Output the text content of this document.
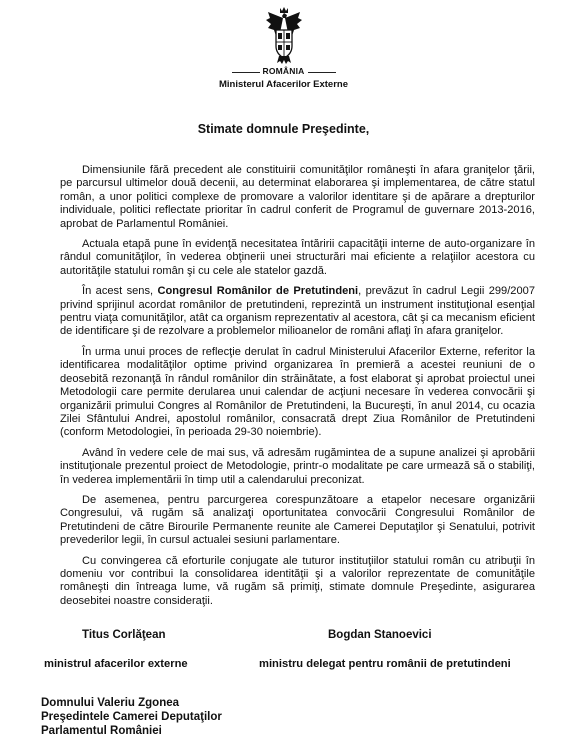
ROMÂNIA
Ministerul Afacerilor Externe
Stimate domnule Preşedinte,

Dimensiunile fără precedent ale constituirii comunităţilor româneşti în afara graniţelor ţării, pe parcursul ultimelor două decenii, au determinat elaborarea şi implementarea, de către statul român, a unor politici complexe de promovare a valorilor identitare şi de apărare a drepturilor individuale, politici reflectate prioritar în cadrul conferit de Programul de guvernare 2013-2016, aprobat de Parlamentul României.

Actuala etapă pune în evidenţă necesitatea întăririi capacităţii interne de auto-organizare în rândul comunităţilor, în vederea obţinerii unei structurări mai eficiente a relaţiilor acestora cu autorităţile statului român şi cu cele ale statelor gazdă.

În acest sens, Congresul Românilor de Pretutindeni, prevăzut în cadrul Legii 299/2007 privind sprijinul acordat românilor de pretutindeni, reprezintă un instrument instituţional esenţial pentru viaţa comunităţilor, atât ca organism reprezentativ al acestora, cât şi ca mecanism eficient de identificare şi de rezolvare a problemelor milioanelor de români aflaţi în afara graniţelor.

În urma unui proces de reflecţie derulat în cadrul Ministerului Afacerilor Externe, referitor la identificarea modalităţilor optime privind organizarea în premieră a acestei reuniuni de o deosebită rezonanţă în rândul românilor din străinătate, a fost elaborat şi aprobat proiectul unei Metodologii care permite derularea unui calendar de acţiuni necesare în vederea convocării şi organizării primului Congres al Românilor de Pretutindeni, la Bucureşti, în anul 2014, cu ocazia Zilei Sfântului Andrei, apostolul românilor, consacrată drept Ziua Românilor de Pretutindeni (conform Metodologiei, în perioada 29-30 noiembrie).

Având în vedere cele de mai sus, vă adresăm rugămintea de a supune analizei şi aprobării instituţionale prezentul proiect de Metodologie, printr-o modalitate pe care urmează să o stabiliţi, în vederea implementării în timp util a calendarului preconizat.

De asemenea, pentru parcurgerea corespunzătoare a etapelor necesare organizării Congresului, vă rugăm să analizaţi oportunitatea convocării Congresului Românilor de Pretutindeni de către Birourile Permanente reunite ale Camerei Deputaţilor şi Senatului, potrivit prevederilor legii, în cursul actualei sesiuni parlamentare.

Cu convingerea că eforturile conjugate ale tuturor instituţiilor statului român cu atribuţii în domeniu vor contribui la consolidarea identităţii şi a valorilor reprezentate de comunităţile româneşti din întreaga lume, vă rugăm să primiţi, stimate domnule Preşedinte, asigurarea deosebitei noastre consideraţii.

Titus Corlăţean	Bogdan Stanoevici
ministrul afacerilor externe	ministru delegat pentru românii de pretutindeni
Domnului Valeriu Zgonea
Preşedintele Camerei Deputaţilor
Parlamentul României
